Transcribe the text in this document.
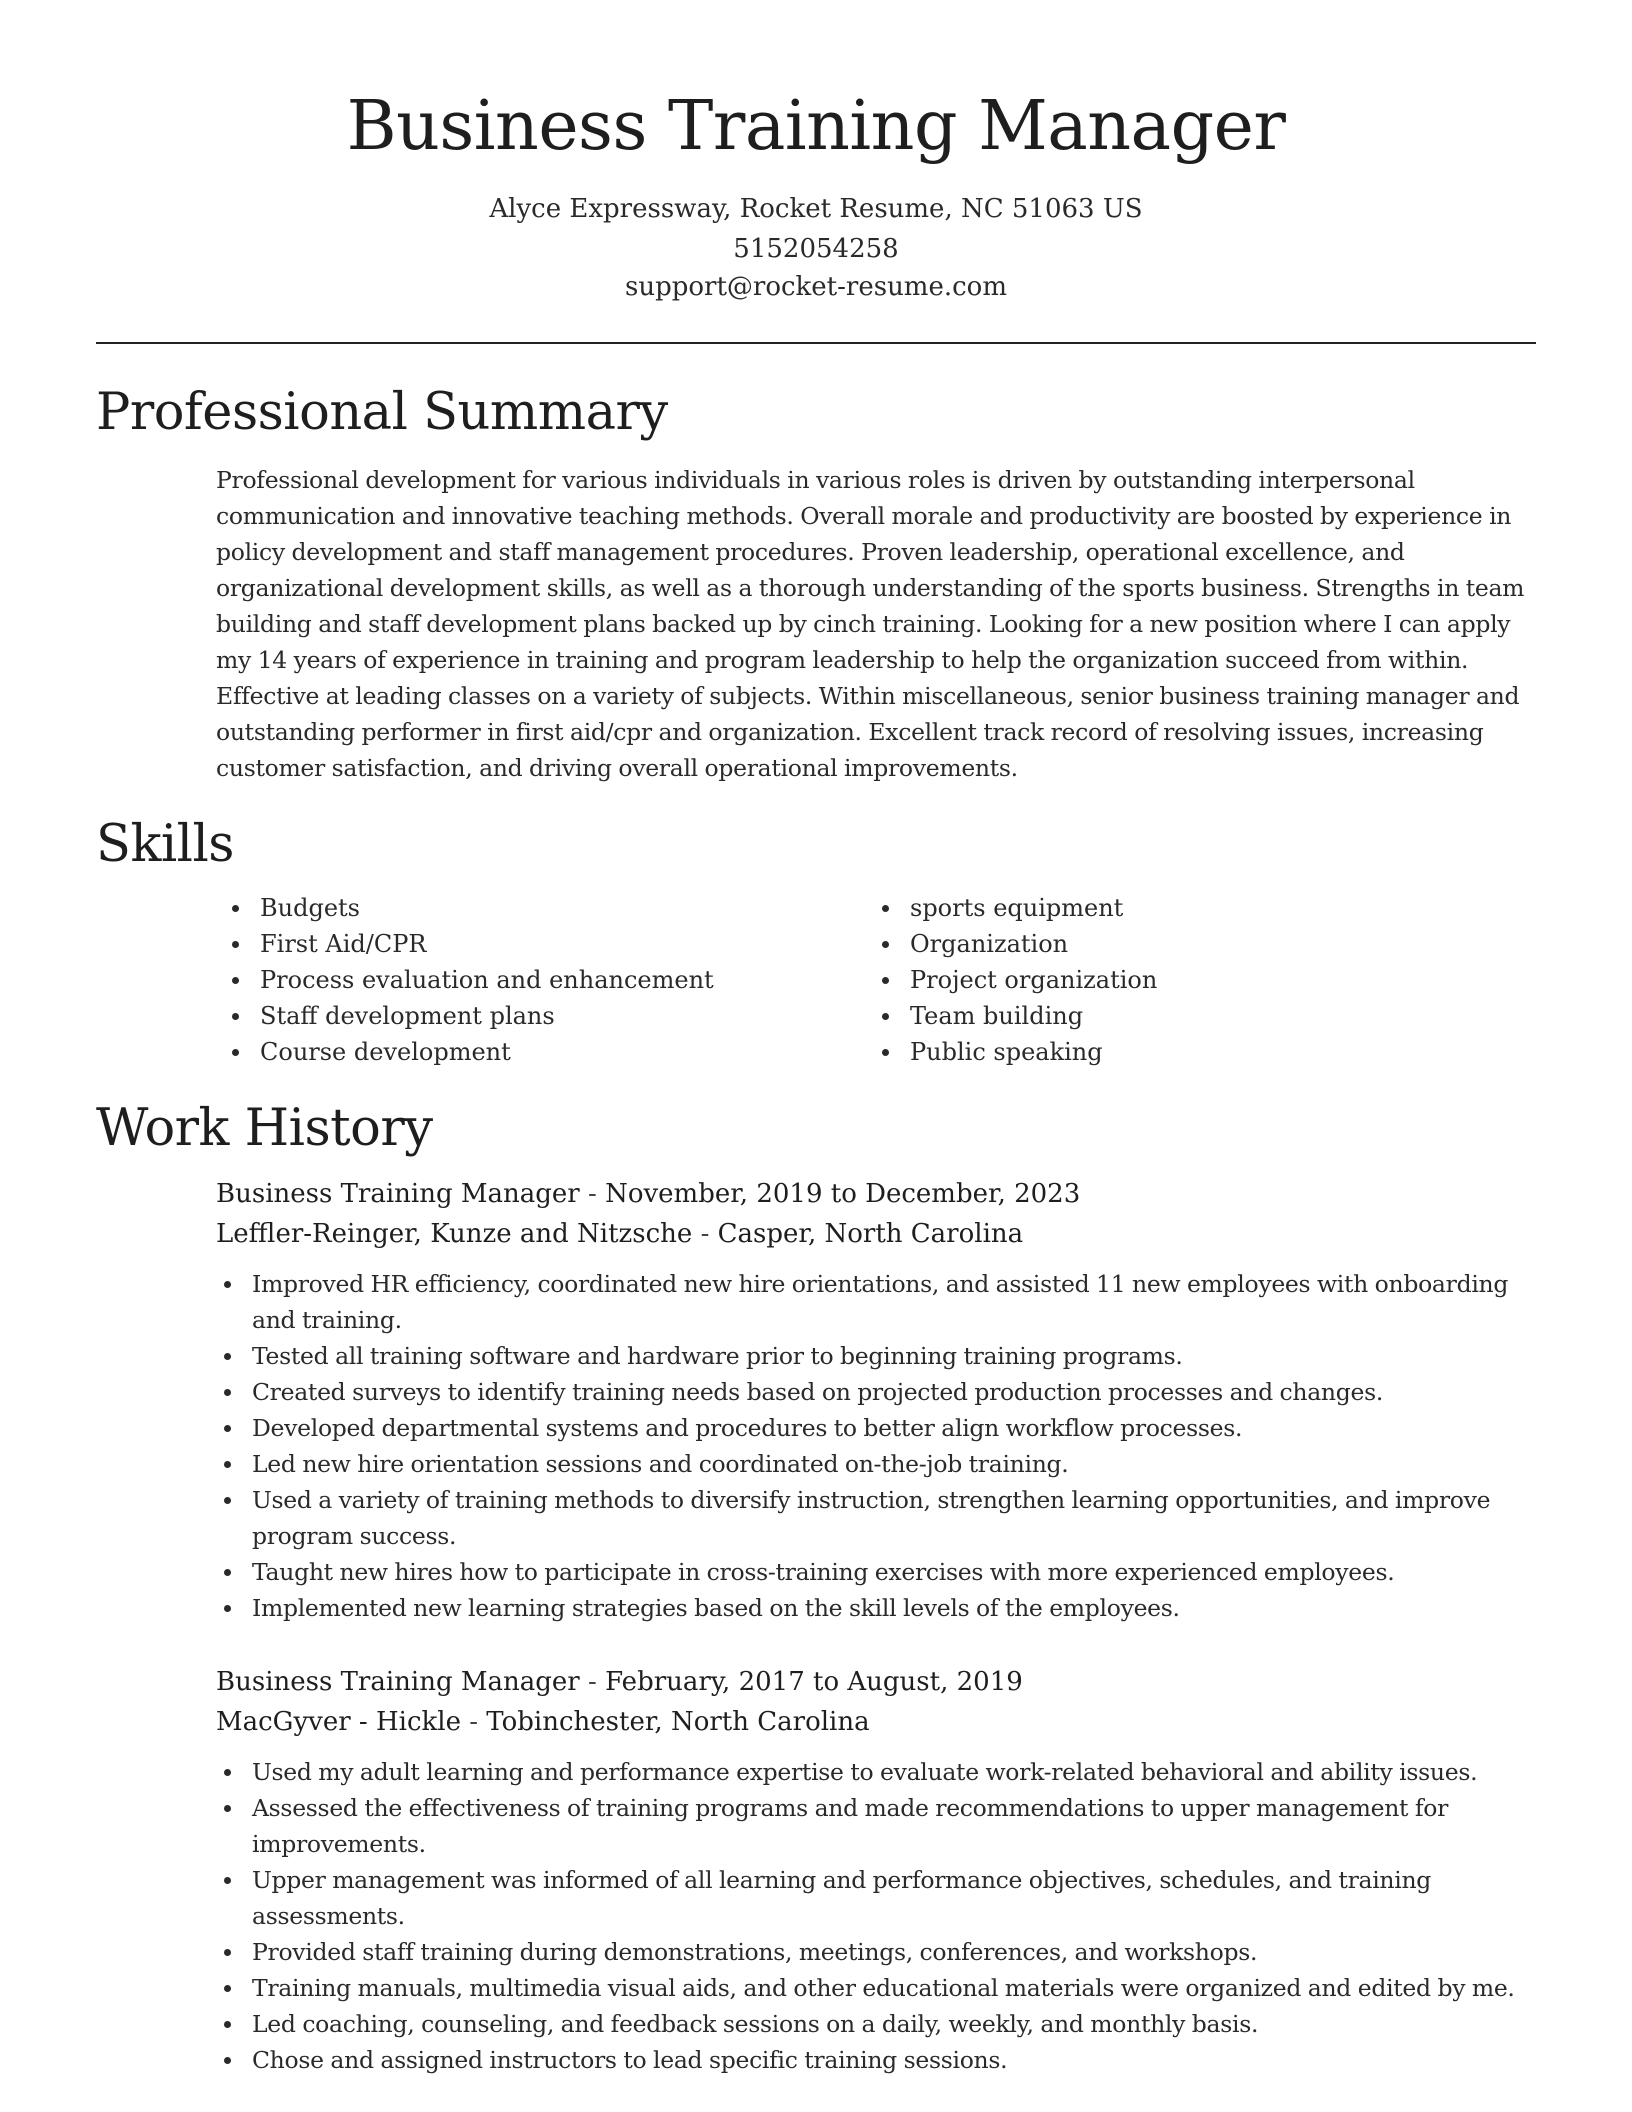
Business Training Manager
Alyce Expressway, Rocket Resume, NC 51063 US
5152054258
support@rocket-resume.com
Professional Summary

Professional development for various individuals in various roles is driven by outstanding interpersonal communication and innovative teaching methods. Overall morale and productivity are boosted by experience in policy development and staff management procedures. Proven leadership, operational excellence, and organizational development skills, as well as a thorough understanding of the sports business. Strengths in team building and staff development plans backed up by cinch training. Looking for a new position where I can apply my 14 years of experience in training and program leadership to help the organization succeed from within. Effective at leading classes on a variety of subjects. Within miscellaneous, senior business training manager and outstanding performer in first aid/cpr and organization. Excellent track record of resolving issues, increasing customer satisfaction, and driving overall operational improvements.

Skills
Budgets
First Aid/CPR
Process evaluation and enhancement
Staff development plans
Course development
sports equipment
Organization
Project organization
Team building
Public speaking
Work History

Business Training Manager - November, 2019 to December, 2023

Leffler-Reinger, Kunze and Nitzsche - Casper, North Carolina

Improved HR efficiency, coordinated new hire orientations, and assisted 11 new employees with onboarding and training.
Tested all training software and hardware prior to beginning training programs.
Created surveys to identify training needs based on projected production processes and changes.
Developed departmental systems and procedures to better align workflow processes.
Led new hire orientation sessions and coordinated on-the-job training.
Used a variety of training methods to diversify instruction, strengthen learning opportunities, and improve program success.
Taught new hires how to participate in cross-training exercises with more experienced employees.
Implemented new learning strategies based on the skill levels of the employees.

Business Training Manager - February, 2017 to August, 2019

MacGyver - Hickle - Tobinchester, North Carolina

Used my adult learning and performance expertise to evaluate work-related behavioral and ability issues.
Assessed the effectiveness of training programs and made recommendations to upper management for improvements.
Upper management was informed of all learning and performance objectives, schedules, and training assessments.
Provided staff training during demonstrations, meetings, conferences, and workshops.
Training manuals, multimedia visual aids, and other educational materials were organized and edited by me.
Led coaching, counseling, and feedback sessions on a daily, weekly, and monthly basis.
Chose and assigned instructors to lead specific training sessions.
